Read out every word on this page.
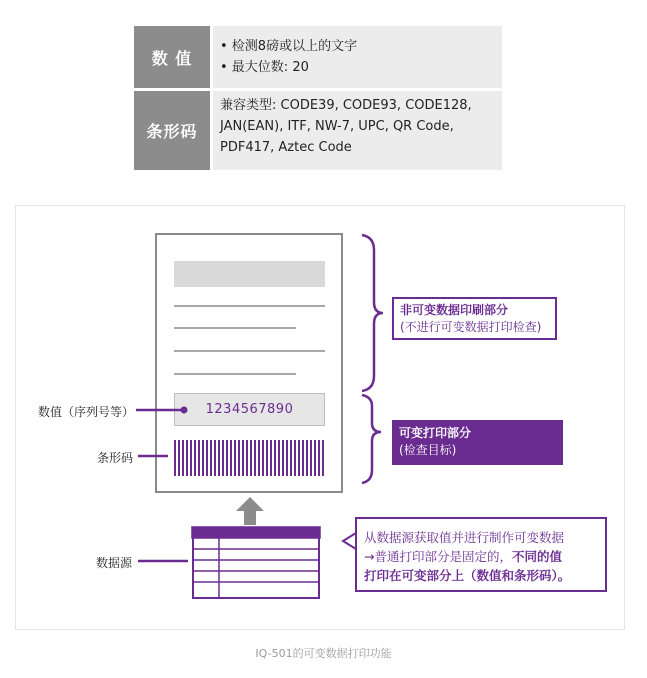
数 值
• 检测8磅或以上的文字
• 最大位数: 20
条形码
兼容类型: CODE39, CODE93, CODE128,
JAN(EAN), ITF, NW-7, UPC, QR Code,
PDF417, Aztec Code
1234567890
数值（序列号等）
条形码
数据源
非可变数据印刷部分
(不进行可变数据打印检查)
可变打印部分
(检查目标)
从数据源获取值并进行制作可变数据
→普通打印部分是固定的，不同的值
打印在可变部分上（数值和条形码）。
IQ-501的可变数据打印功能
